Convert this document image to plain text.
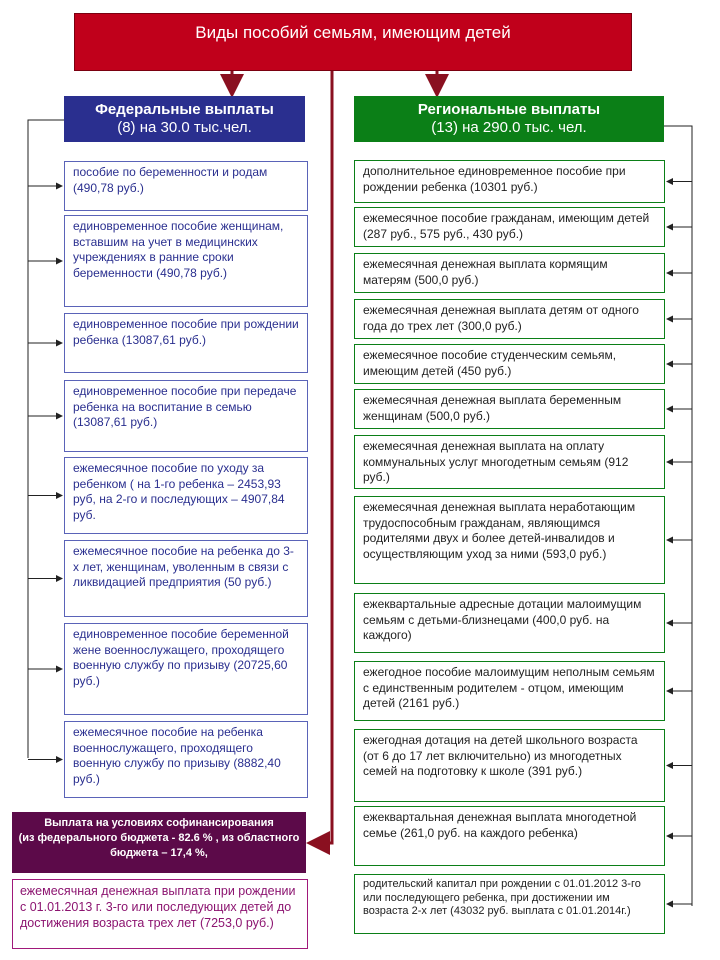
Виды пособий семьям, имеющим детей
Федеральные выплаты
(8) на 30.0 тыс.чел.
Региональные выплаты
(13) на 290.0 тыс. чел.
пособие по беременности и родам (490,78 руб.)
единовременное пособие женщинам, вставшим на учет в медицинских учреждениях в ранние сроки беременности (490,78 руб.)
единовременное пособие при рождении ребенка (13087,61 руб.)
единовременное пособие при передаче ребенка на воспитание в семью (13087,61 руб.)
ежемесячное пособие по уходу за ребенком ( на 1-го ребенка – 2453,93 руб, на 2-го и последующих – 4907,84 руб.
ежемесячное пособие на ребенка до 3-х лет, женщинам, уволенным в связи с ликвидацией предприятия (50 руб.)
единовременное пособие беременной жене военнослужащего, проходящего военную службу по призыву (20725,60 руб.)
ежемесячное пособие на ребенка военнослужащего, проходящего военную службу по призыву (8882,40 руб.)
дополнительное единовременное пособие при рождении ребенка (10301 руб.)
ежемесячное пособие гражданам, имеющим детей (287 руб., 575 руб., 430 руб.)
ежемесячная денежная выплата кормящим матерям (500,0 руб.)
ежемесячная денежная выплата детям от одного года до трех лет (300,0 руб.)
ежемесячное пособие студенческим семьям, имеющим детей (450 руб.)
ежемесячная денежная выплата беременным женщинам (500,0 руб.)
ежемесячная денежная выплата на оплату коммунальных услуг многодетным семьям (912 руб.)
ежемесячная денежная выплата неработающим трудоспособным гражданам, являющимся родителями двух и более детей-инвалидов и осуществляющим уход за ними (593,0 руб.)
ежеквартальные адресные дотации малоимущим семьям с детьми-близнецами (400,0 руб. на каждого)
ежегодное пособие малоимущим неполным семьям с единственным родителем - отцом, имеющим детей (2161 руб.)
ежегодная дотация на детей школьного возраста (от 6 до 17 лет включительно) из многодетных семей на подготовку к школе (391 руб.)
ежеквартальная денежная выплата многодетной семье (261,0 руб. на каждого ребенка)
родительский капитал при рождении с 01.01.2012 3-го или последующего ребенка, при достижении им возраста 2-х лет (43032 руб. выплата с 01.01.2014г.)
Выплата на условиях софинансирования
(из федерального бюджета - 82.6 % , из областного бюджета – 17,4 %,
ежемесячная денежная выплата при рождении с 01.01.2013 г. 3-го или последующих детей до достижения возраста трех лет (7253,0 руб.)
